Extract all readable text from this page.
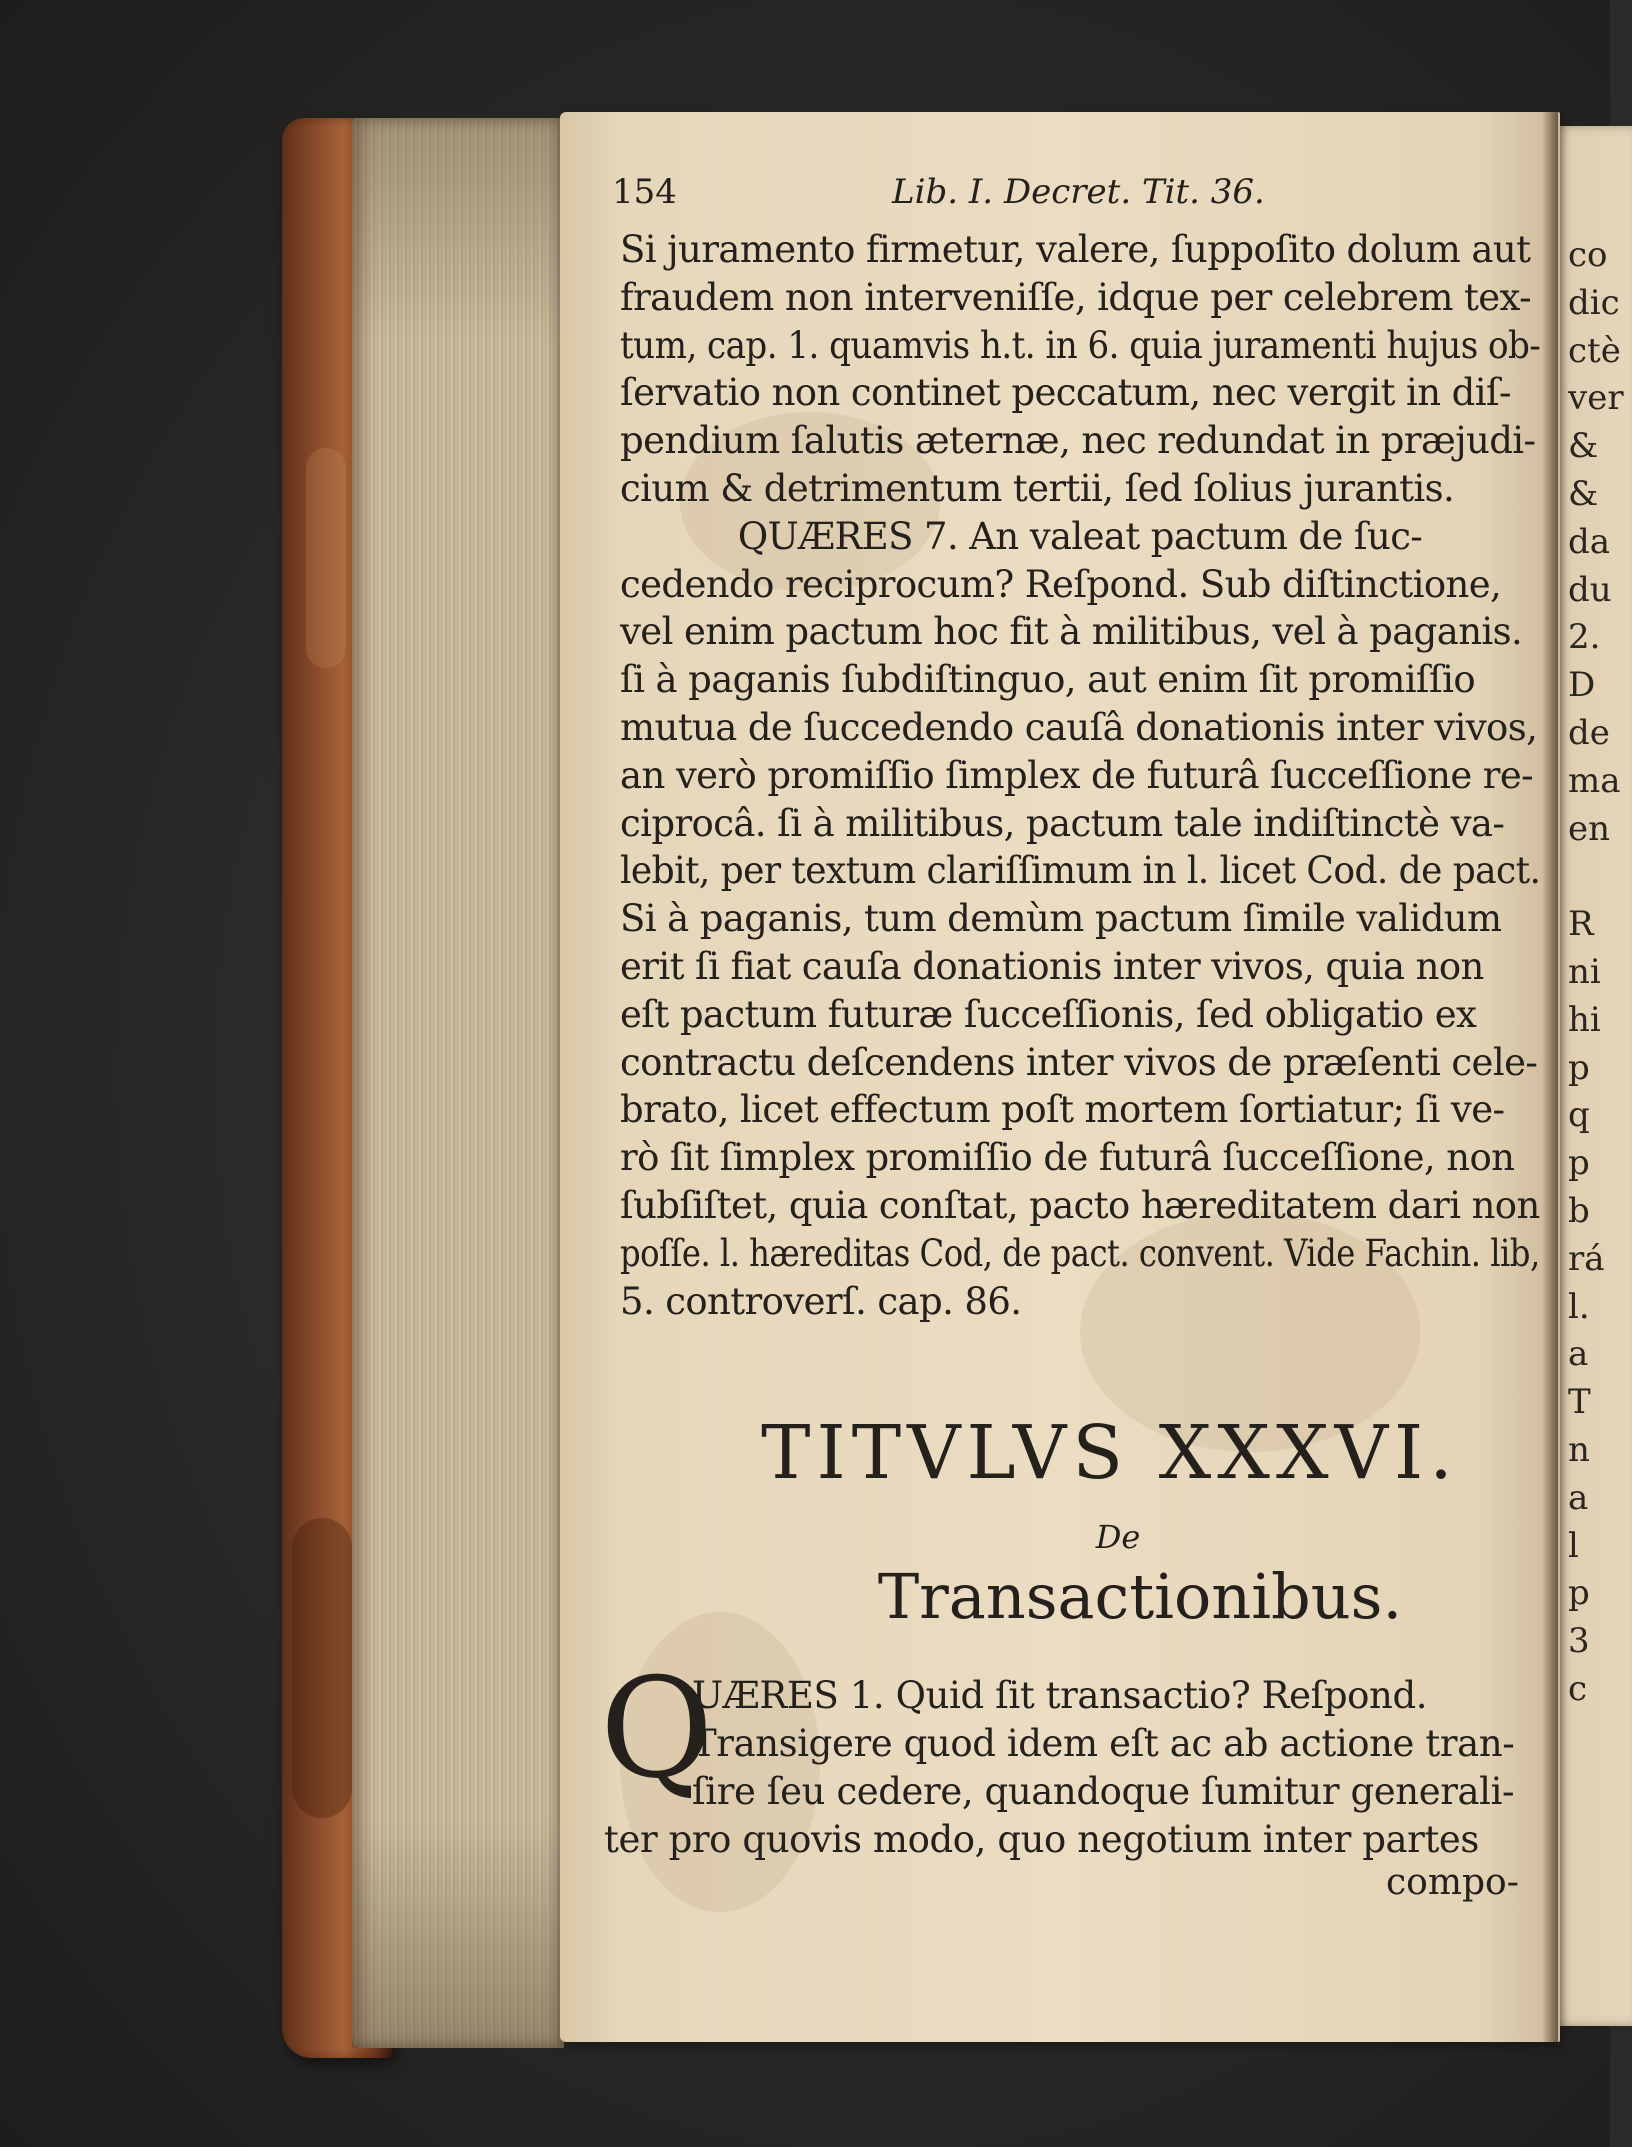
154	Lib. I. Decret. Tit. 36.
Si juramento firmetur, valere, ſuppoſito dolum aut
fraudem non interveniſſe, idque per celebrem tex-
tum, cap. 1. quamvis h.t. in 6. quia juramenti hujus ob-
ſervatio non continet peccatum, nec vergit in diſ-
pendium ſalutis æternæ, nec redundat in præjudi-
cium & detrimentum tertii, ſed ſolius jurantis.
QUÆRES 7. An valeat pactum de ſuc-
cedendo reciprocum? Reſpond. Sub diſtinctione,
vel enim pactum hoc fit à militibus, vel à paganis.
ſi à paganis ſubdiſtinguo, aut enim ſit promiſſio
mutua de ſuccedendo cauſâ donationis inter vivos,
an verò promiſſio ſimplex de futurâ ſucceſſione re-
ciprocâ. ſi à militibus, pactum tale indiſtinctè va-
lebit, per textum clariſſimum in l. licet Cod. de pact.
Si à paganis, tum demùm pactum ſimile validum
erit ſi fiat cauſa donationis inter vivos, quia non
eſt pactum futuræ ſucceſſionis, ſed obligatio ex
contractu deſcendens inter vivos de præſenti cele-
brato, licet effectum poſt mortem ſortiatur; ſi ve-
rò ſit ſimplex promiſſio de futurâ ſucceſſione, non
ſubſiſtet, quia conſtat, pacto hæreditatem dari non
poſſe. l. hæreditas Cod, de pact. convent. Vide Fachin. lib,
5. controverſ. cap. 86.
TITVLVS XXXVI.
De
Transactionibus.
Q
UÆRES 1. Quid ſit transactio? Reſpond.
Transigere quod idem eſt ac ab actione tran-
ſire ſeu cedere, quandoque ſumitur generali-
ter pro quovis modo, quo negotium inter partes
compo-
co
dic
ctè
ver
&
&
da
du
2.
D
de
ma
en
R
ni
hi
p
q
p
b
rá
l.
a
T
n
a
l
p
3
c
